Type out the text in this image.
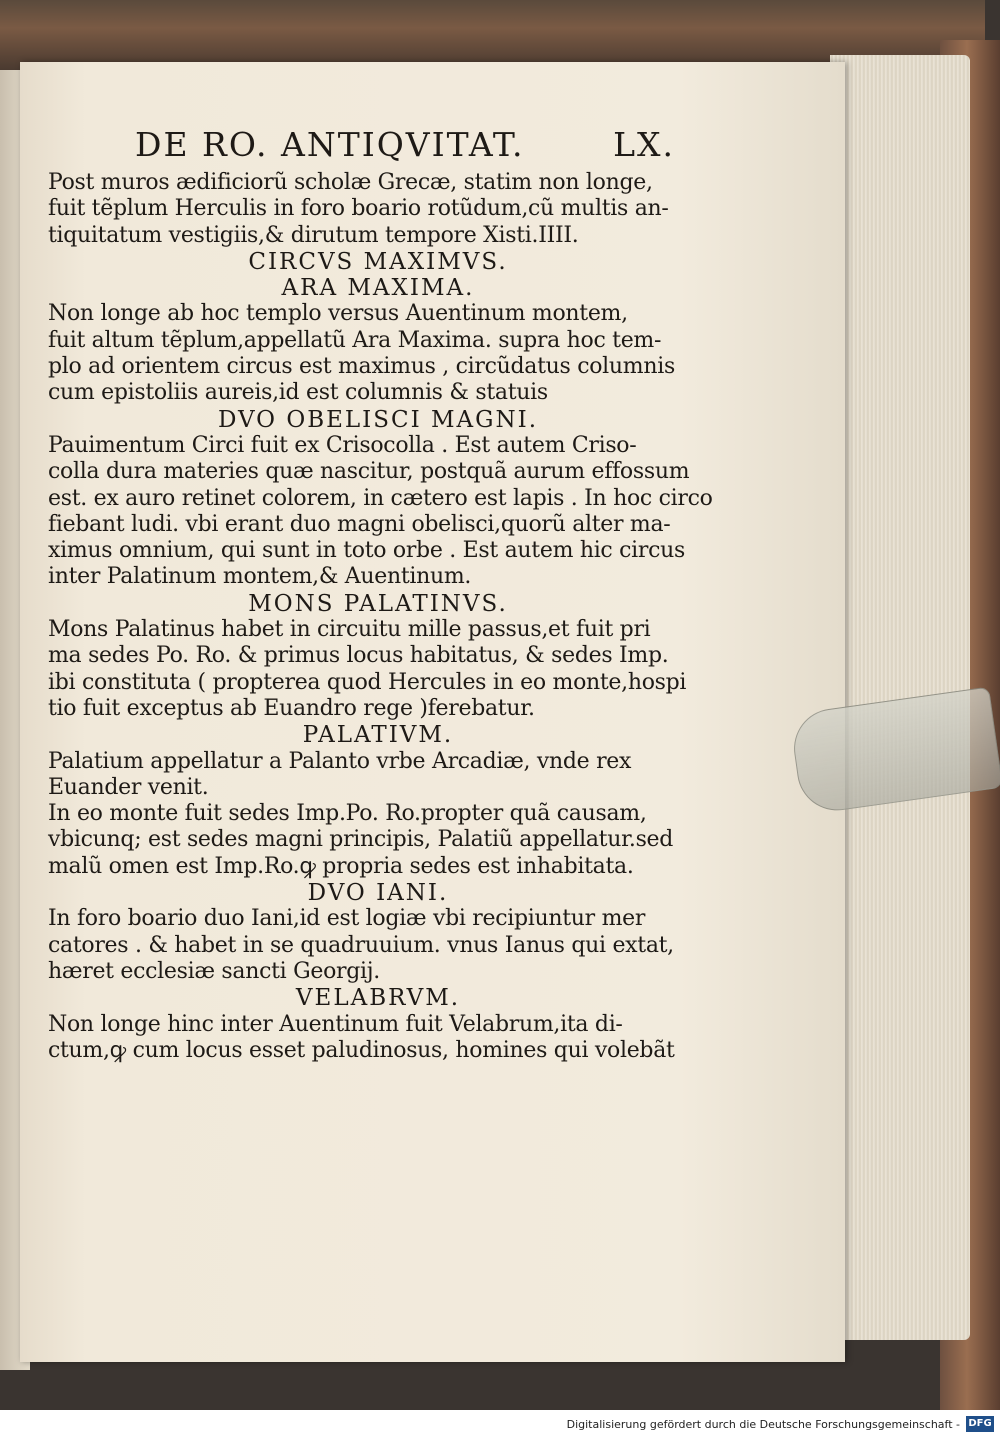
DE RO. ANTIQVITAT.	LX.
Post muros ædificiorũ scholæ Grecæ, statim non longe,
fuit tẽplum Herculis in foro boario rotũdum,cũ multis an-
tiquitatum vestigiis,& dirutum tempore Xisti.IIII.
CIRCVS MAXIMVS.
ARA MAXIMA.
Non longe ab hoc templo versus Auentinum montem,
fuit altum tẽplum,appellatũ Ara Maxima. supra hoc tem-
plo ad orientem circus est maximus , circũdatus columnis
cum epistoliis aureis,id est columnis & statuis
DVO OBELISCI MAGNI.
Pauimentum Circi fuit ex Crisocolla . Est autem Criso-
colla dura materies quæ nascitur, postquã aurum effossum
est. ex auro retinet colorem, in cætero est lapis . In hoc circo
fiebant ludi. vbi erant duo magni obelisci,quorũ alter ma-
ximus omnium, qui sunt in toto orbe . Est autem hic circus
inter Palatinum montem,& Auentinum.
MONS PALATINVS.
Mons Palatinus habet in circuitu mille passus,et fuit pri
ma sedes Po. Ro. & primus locus habitatus, & sedes Imp.
ibi constituta ( propterea quod Hercules in eo monte,hospi
tio fuit exceptus ab Euandro rege )ferebatur.
PALATIVM.
Palatium appellatur a Palanto vrbe Arcadiæ, vnde rex
Euander venit.
In eo monte fuit sedes Imp.Po. Ro.propter quã causam,
vbicunq; est sedes magni principis, Palatiũ appellatur.sed
malũ omen est Imp.Ro.ꝙ propria sedes est inhabitata.
DVO IANI.
In foro boario duo Iani,id est logiæ vbi recipiuntur mer
catores . & habet in se quadruuium. vnus Ianus qui extat,
hæret ecclesiæ sancti Georgij.
VELABRVM.
Non longe hinc inter Auentinum fuit Velabrum,ita di-
ctum,ꝙ cum locus esset paludinosus, homines qui volebãt
Digitalisierung gefördert durch die Deutsche Forschungsgemeinschaft - DFG
